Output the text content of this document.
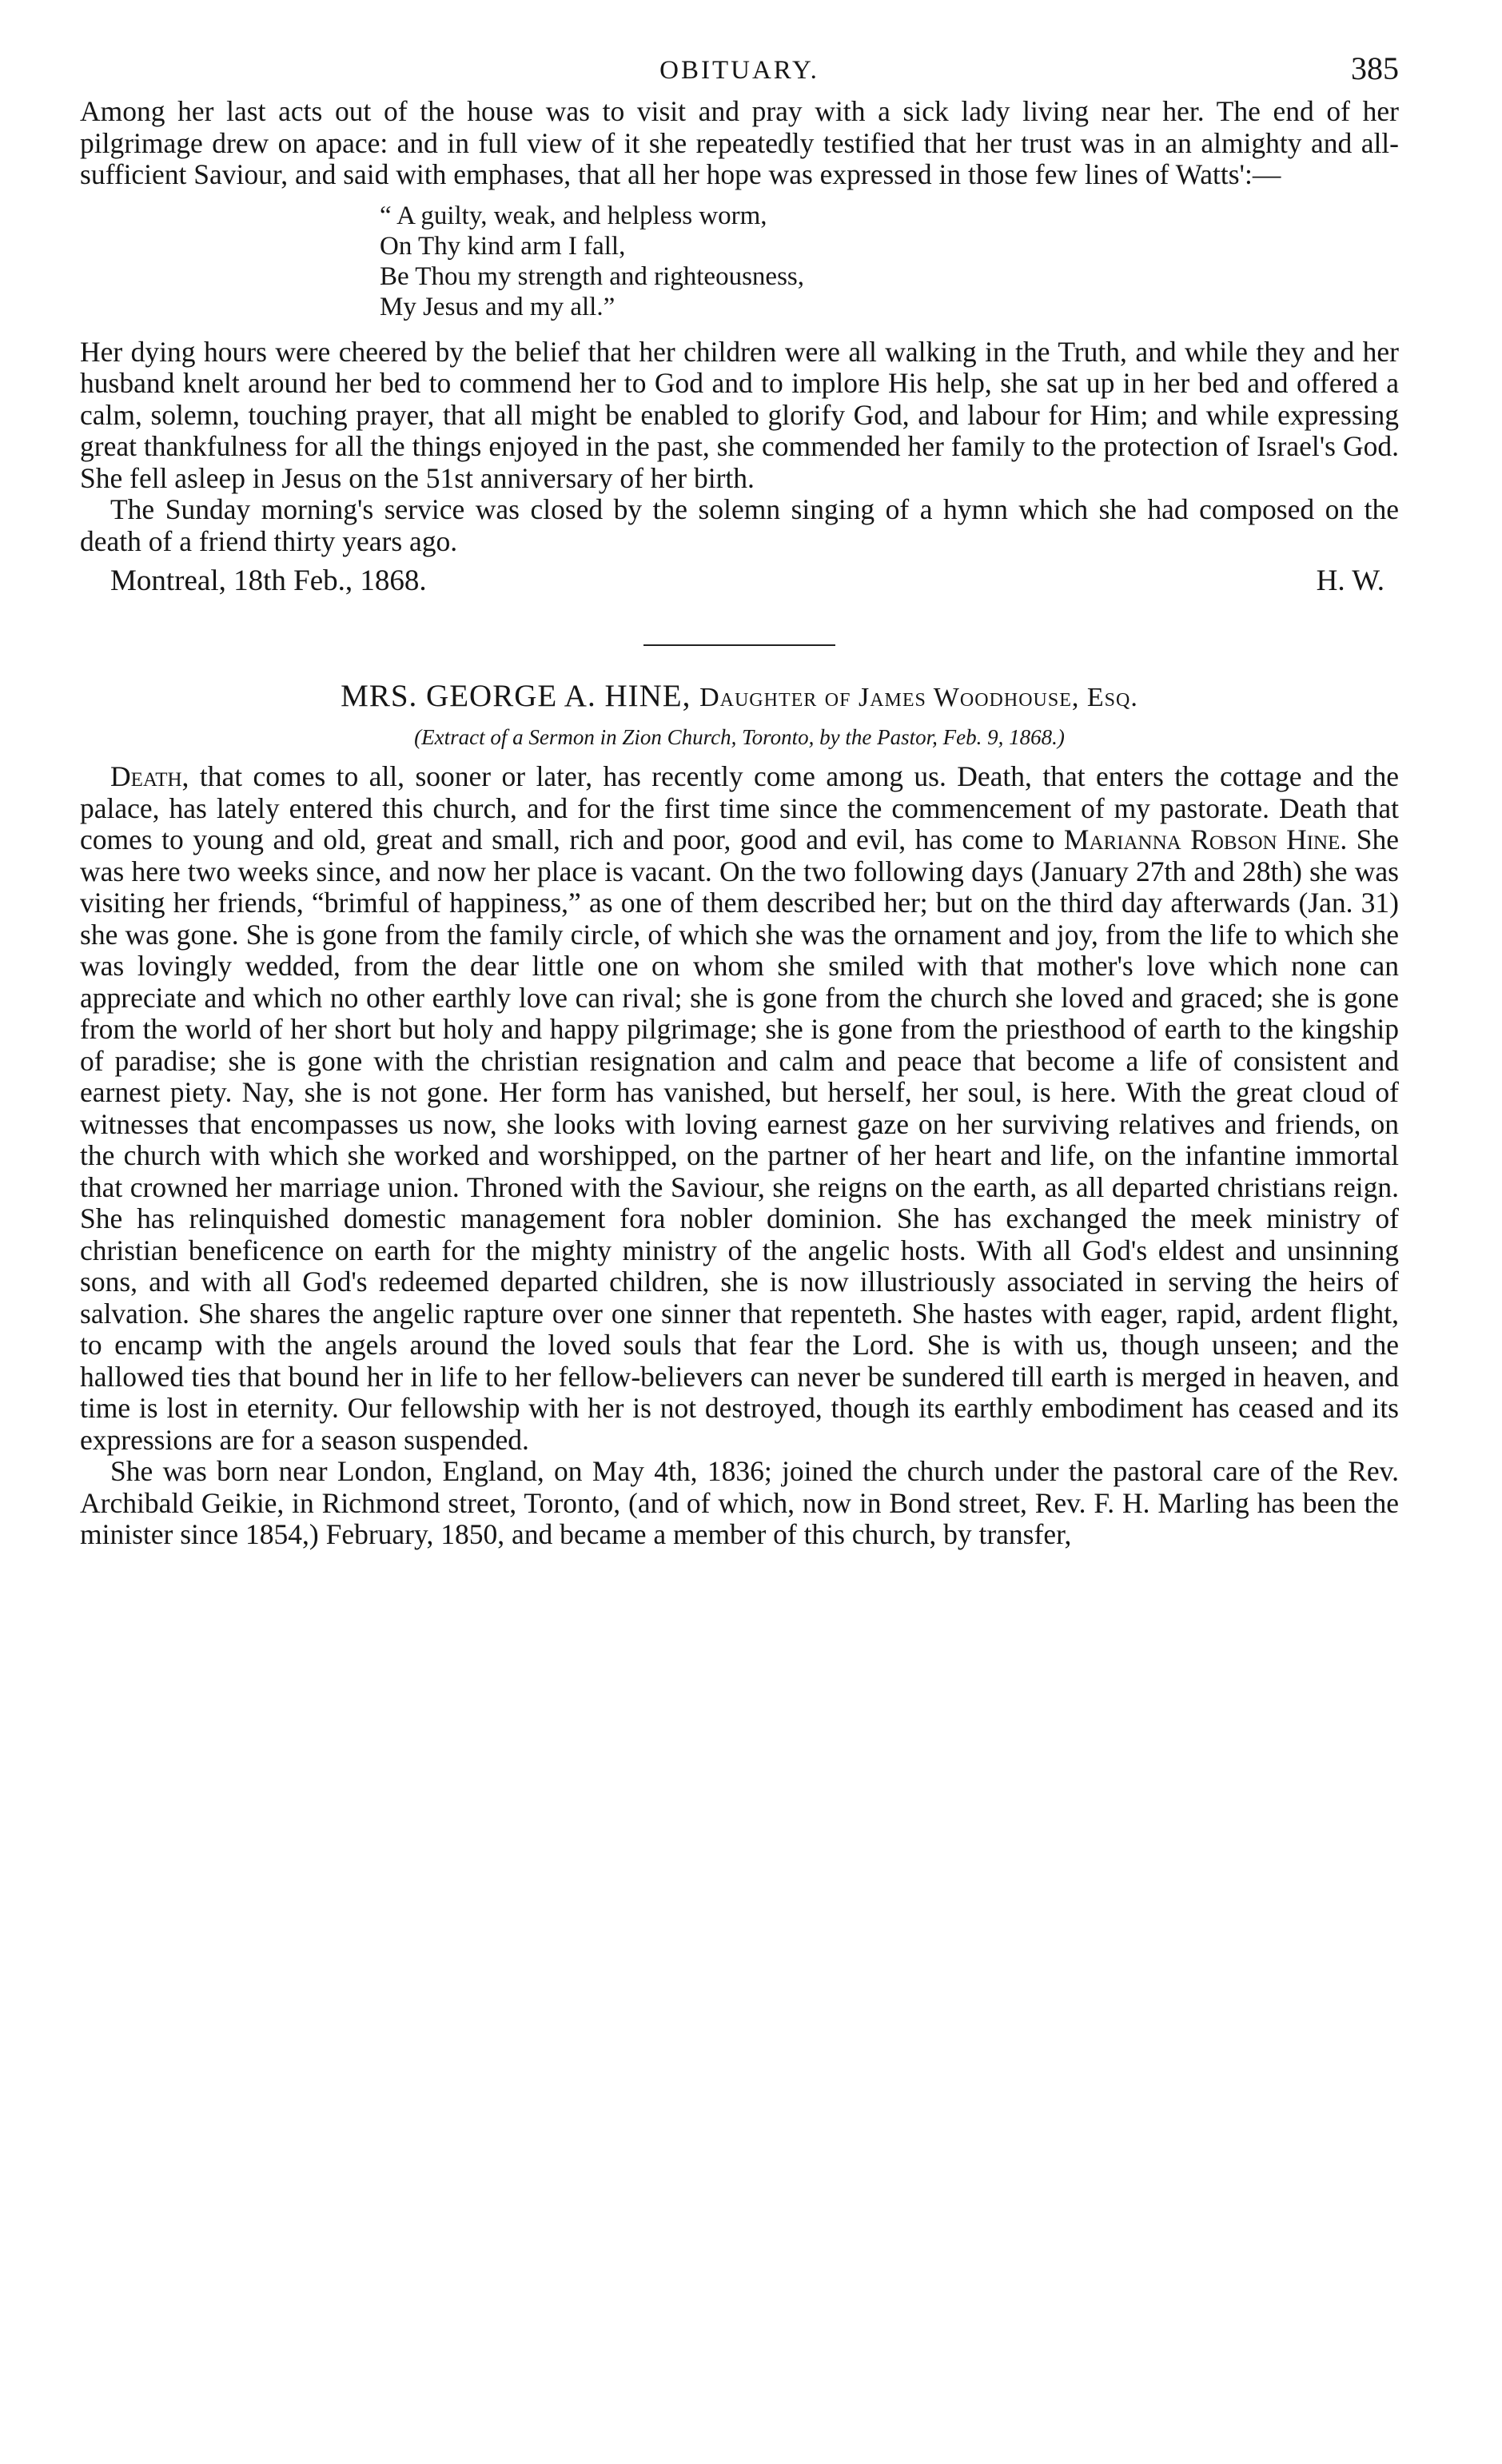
OBITUARY.	385

Among her last acts out of the house was to visit and pray with a sick lady living near her. The end of her pilgrimage drew on apace: and in full view of it she repeatedly testified that her trust was in an almighty and all-sufficient Saviour, and said with emphases, that all her hope was expressed in those few lines of Watts':—

“ A guilty, weak, and helpless worm,
On Thy kind arm I fall,
Be Thou my strength and righteousness,
My Jesus and my all.”

Her dying hours were cheered by the belief that her children were all walking in the Truth, and while they and her husband knelt around her bed to commend her to God and to implore His help, she sat up in her bed and offered a calm, solemn, touching prayer, that all might be enabled to glorify God, and labour for Him; and while expressing great thankfulness for all the things enjoyed in the past, she commended her family to the protection of Israel's God. She fell asleep in Jesus on the 51st anniversary of her birth.

The Sunday morning's service was closed by the solemn singing of a hymn which she had composed on the death of a friend thirty years ago.

Montreal, 18th Feb., 1868.	H. W.

MRS. GEORGE A. HINE, Daughter of James Woodhouse, Esq.

(Extract of a Sermon in Zion Church, Toronto, by the Pastor, Feb. 9, 1868.)

Death, that comes to all, sooner or later, has recently come among us. Death, that enters the cottage and the palace, has lately entered this church, and for the first time since the commencement of my pastorate. Death that comes to young and old, great and small, rich and poor, good and evil, has come to Marianna Robson Hine. She was here two weeks since, and now her place is vacant. On the two following days (January 27th and 28th) she was visiting her friends, “brimful of happiness,” as one of them described her; but on the third day afterwards (Jan. 31) she was gone. She is gone from the family circle, of which she was the ornament and joy, from the life to which she was lovingly wedded, from the dear little one on whom she smiled with that mother's love which none can appreciate and which no other earthly love can rival; she is gone from the church she loved and graced; she is gone from the world of her short but holy and happy pilgrimage; she is gone from the priesthood of earth to the kingship of paradise; she is gone with the christian resignation and calm and peace that become a life of consistent and earnest piety. Nay, she is not gone. Her form has vanished, but herself, her soul, is here. With the great cloud of witnesses that encompasses us now, she looks with loving earnest gaze on her surviving relatives and friends, on the church with which she worked and worshipped, on the partner of her heart and life, on the infantine immortal that crowned her marriage union. Throned with the Saviour, she reigns on the earth, as all departed christians reign. She has relinquished domestic management fora nobler dominion. She has exchanged the meek ministry of christian beneficence on earth for the mighty ministry of the angelic hosts. With all God's eldest and unsinning sons, and with all God's redeemed departed children, she is now illustriously associated in serving the heirs of salvation. She shares the angelic rapture over one sinner that repenteth. She hastes with eager, rapid, ardent flight, to encamp with the angels around the loved souls that fear the Lord. She is with us, though unseen; and the hallowed ties that bound her in life to her fellow-believers can never be sundered till earth is merged in heaven, and time is lost in eternity. Our fellowship with her is not destroyed, though its earthly embodiment has ceased and its expressions are for a season suspended.

She was born near London, England, on May 4th, 1836; joined the church under the pastoral care of the Rev. Archibald Geikie, in Richmond street, Toronto, (and of which, now in Bond street, Rev. F. H. Marling has been the minister since 1854,) February, 1850, and became a member of this church, by transfer,
